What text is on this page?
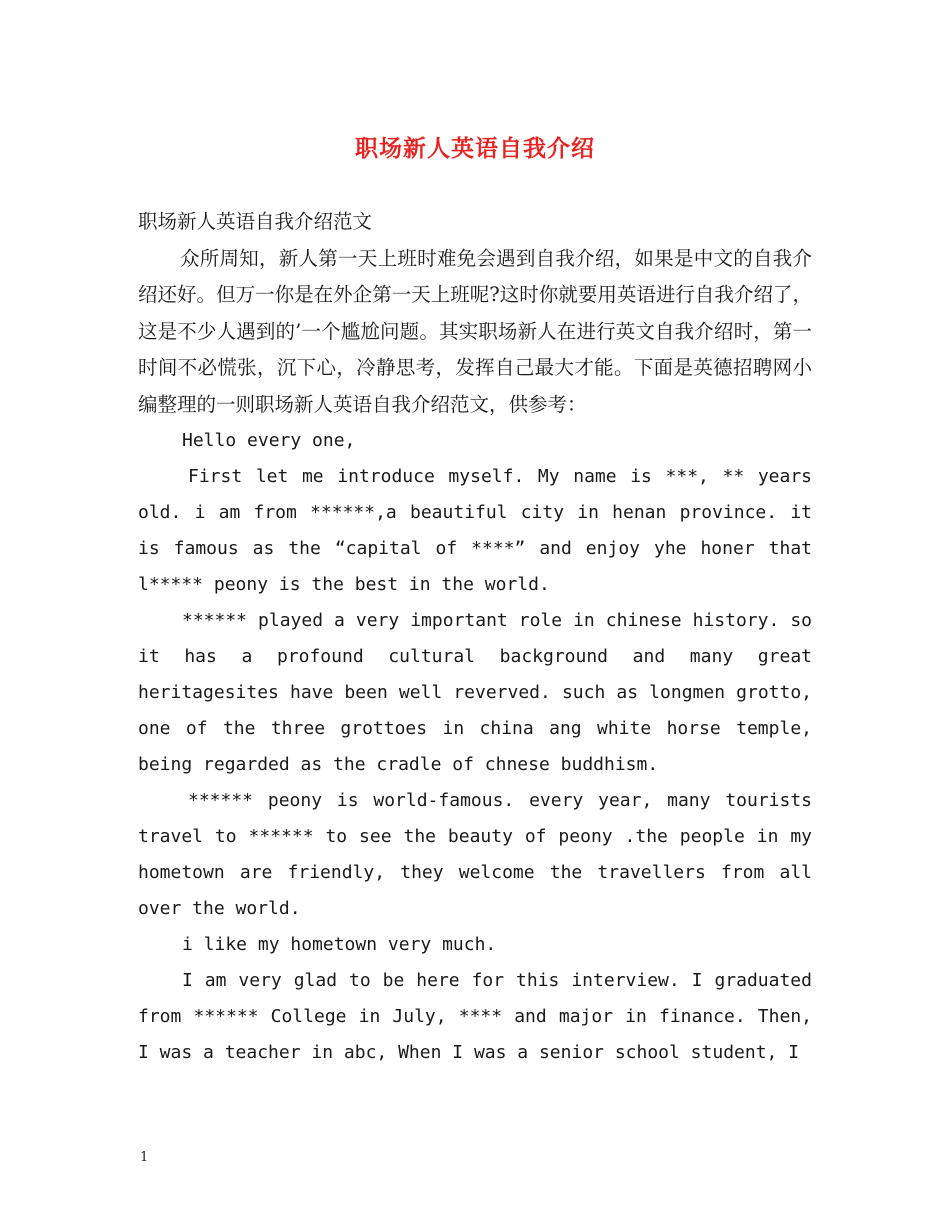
职场新人英语自我介绍

职场新人英语自我介绍范文

众所周知，新人第一天上班时难免会遇到自我介绍，如果是中文的自我介绍还好。但万一你是在外企第一天上班呢?这时你就要用英语进行自我介绍了，这是不少人遇到的’一个尴尬问题。其实职场新人在进行英文自我介绍时，第一时间不必慌张，沉下心，冷静思考，发挥自己最大才能。下面是英德招聘网小编整理的一则职场新人英语自我介绍范文，供参考：

Hello every one,

First let me introduce myself. My name is ***, ** years old. i am from ******,a beautiful city in henan province. it is famous as the “capital of ****” and enjoy yhe honer that l***** peony is the best in the world.

****** played a very important role in chinese history. so it has a profound cultural background and many great heritagesites have been well reverved. such as longmen grotto, one of the three grottoes in china ang white horse temple, being regarded as the cradle of chnese buddhism.

****** peony is world-famous. every year, many tourists travel to ****** to see the beauty of peony .the people in my hometown are friendly, they welcome the travellers from all over the world.

i like my hometown very much.

I am very glad to be here for this interview. I graduated from ****** College in July, **** and major in finance. Then, I was a teacher in abc, When I was a senior school student, I

1
